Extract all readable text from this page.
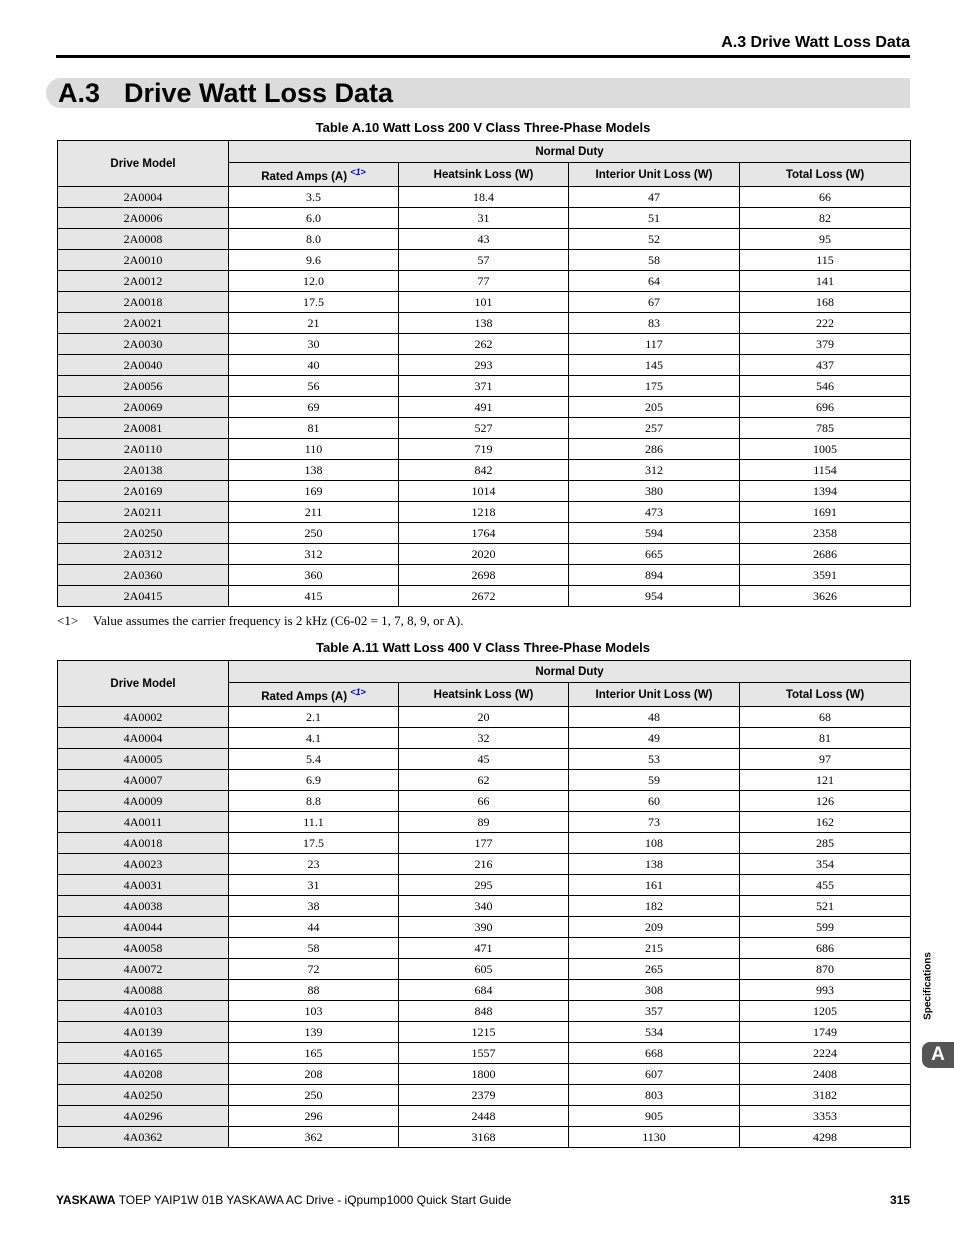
A.3 Drive Watt Loss Data
A.3 Drive Watt Loss Data
Table A.10 Watt Loss 200 V Class Three-Phase Models
Drive Model	Normal Duty			
	Rated Amps (A) $^{<1>}$	Heatsink Loss (W)	Interior Unit Loss (W)	Total Loss (W)
2A0004	3.5	18.4	47	66
2A0006	6.0	31	51	82
2A0008	8.0	43	52	95
2A0010	9.6	57	58	115
2A0012	12.0	77	64	141
2A0018	17.5	101	67	168
2A0021	21	138	83	222
2A0030	30	262	117	379
2A0040	40	293	145	437
2A0056	56	371	175	546
2A0069	69	491	205	696
2A0081	81	527	257	785
2A0110	110	719	286	1005
2A0138	138	842	312	1154
2A0169	169	1014	380	1394
2A0211	211	1218	473	1691
2A0250	250	1764	594	2358
2A0312	312	2020	665	2686
2A0360	360	2698	894	3591
2A0415	415	2672	954	3626
<1> Value assumes the carrier frequency is 2 kHz (C6-02 = 1, 7, 8, 9, or A).
Table A.11 Watt Loss 400 V Class Three-Phase Models
Drive Model	Normal Duty			
	Rated Amps (A) $^{<1>}$	Heatsink Loss (W)	Interior Unit Loss (W)	Total Loss (W)
4A0002	2.1	20	48	68
4A0004	4.1	32	49	81
4A0005	5.4	45	53	97
4A0007	6.9	62	59	121
4A0009	8.8	66	60	126
4A0011	11.1	89	73	162
4A0018	17.5	177	108	285
4A0023	23	216	138	354
4A0031	31	295	161	455
4A0038	38	340	182	521
4A0044	44	390	209	599
4A0058	58	471	215	686
4A0072	72	605	265	870
4A0088	88	684	308	993
4A0103	103	848	357	1205
4A0139	139	1215	534	1749
4A0165	165	1557	668	2224
4A0208	208	1800	607	2408
4A0250	250	2379	803	3182
4A0296	296	2448	905	3353
4A0362	362	3168	1130	4298
Specifications
A
YASKAWA TOEP YAIP1W 01B YASKAWA AC Drive - iQpump1000 Quick Start Guide	315
